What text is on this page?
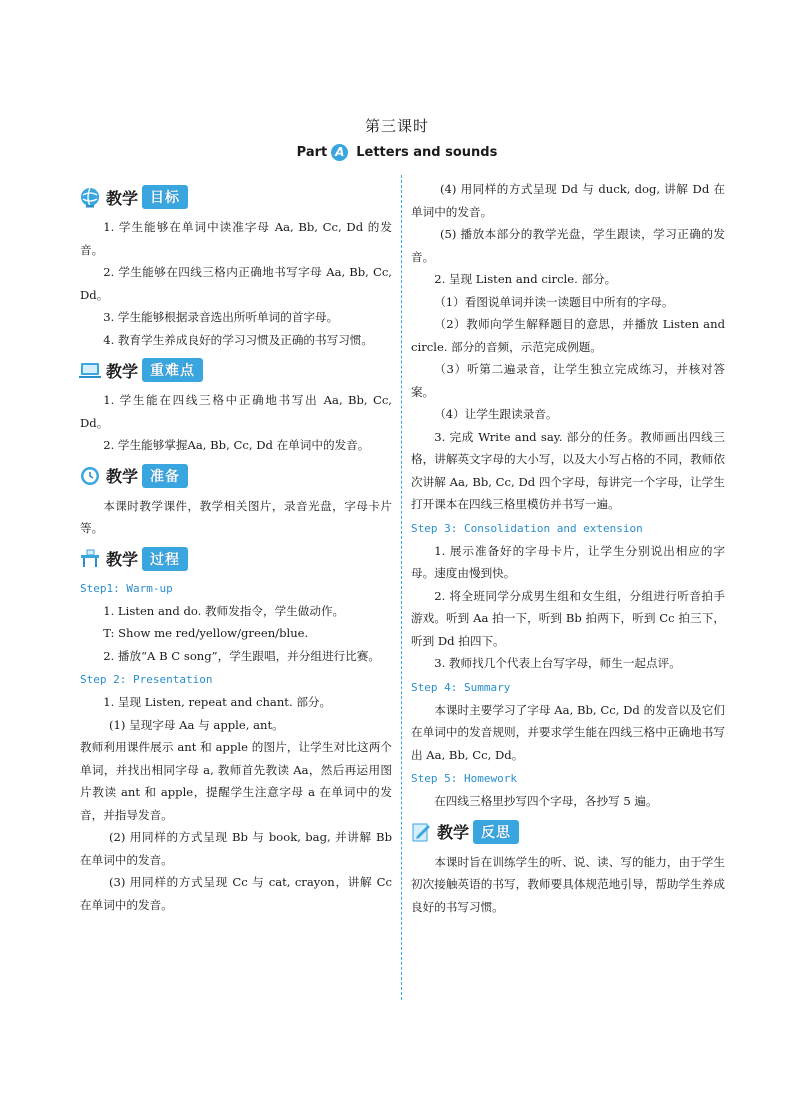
第三课时
Part A Letters and sounds
教学 目标

1. 学生能够在单词中读准字母 Aa, Bb, Cc, Dd 的发音。

2. 学生能够在四线三格内正确地书写字母 Aa, Bb, Cc, Dd。

3. 学生能够根据录音选出所听单词的首字母。

4. 教育学生养成良好的学习习惯及正确的书写习惯。

教学 重难点

1. 学生能在四线三格中正确地书写出 Aa, Bb, Cc, Dd。

2. 学生能够掌握Aa, Bb, Cc, Dd 在单词中的发音。

教学 准备

本课时教学课件，教学相关图片，录音光盘，字母卡片等。

教学 过程
Step1: Warm-up

1. Listen and do. 教师发指令，学生做动作。

T: Show me red/yellow/green/blue.

2. 播放“A B C song”，学生跟唱，并分组进行比赛。

Step 2: Presentation

1. 呈现 Listen, repeat and chant. 部分。

(1) 呈现字母 Aa 与 apple, ant。

教师利用课件展示 ant 和 apple 的图片，让学生对比这两个单词，并找出相同字母 a, 教师首先教读 Aa，然后再运用图片教读 ant 和 apple，提醒学生注意字母 a 在单词中的发音，并指导发音。

(2) 用同样的方式呈现 Bb 与 book, bag, 并讲解 Bb 在单词中的发音。

(3) 用同样的方式呈现 Cc 与 cat, crayon，讲解 Cc 在单词中的发音。

(4) 用同样的方式呈现 Dd 与 duck, dog, 讲解 Dd 在单词中的发音。

(5) 播放本部分的教学光盘，学生跟读，学习正确的发音。

2. 呈现 Listen and circle. 部分。

（1）看图说单词并读一读题目中所有的字母。

（2）教师向学生解释题目的意思，并播放 Listen and circle. 部分的音频，示范完成例题。

（3）听第二遍录音，让学生独立完成练习，并核对答案。

（4）让学生跟读录音。

3. 完成 Write and say. 部分的任务。教师画出四线三格，讲解英文字母的大小写，以及大小写占格的不同，教师依次讲解 Aa, Bb, Cc, Dd 四个字母，每讲完一个字母，让学生打开课本在四线三格里模仿并书写一遍。

Step 3: Consolidation and extension

1. 展示准备好的字母卡片，让学生分别说出相应的字母。速度由慢到快。

2. 将全班同学分成男生组和女生组，分组进行听音拍手游戏。听到 Aa 拍一下，听到 Bb 拍两下，听到 Cc 拍三下，听到 Dd 拍四下。

3. 教师找几个代表上台写字母，师生一起点评。

Step 4: Summary

本课时主要学习了字母 Aa, Bb, Cc, Dd 的发音以及它们在单词中的发音规则，并要求学生能在四线三格中正确地书写出 Aa, Bb, Cc, Dd。

Step 5: Homework

在四线三格里抄写四个字母，各抄写 5 遍。

教学 反思

本课时旨在训练学生的听、说、读、写的能力，由于学生初次接触英语的书写，教师要具体规范地引导，帮助学生养成良好的书写习惯。
